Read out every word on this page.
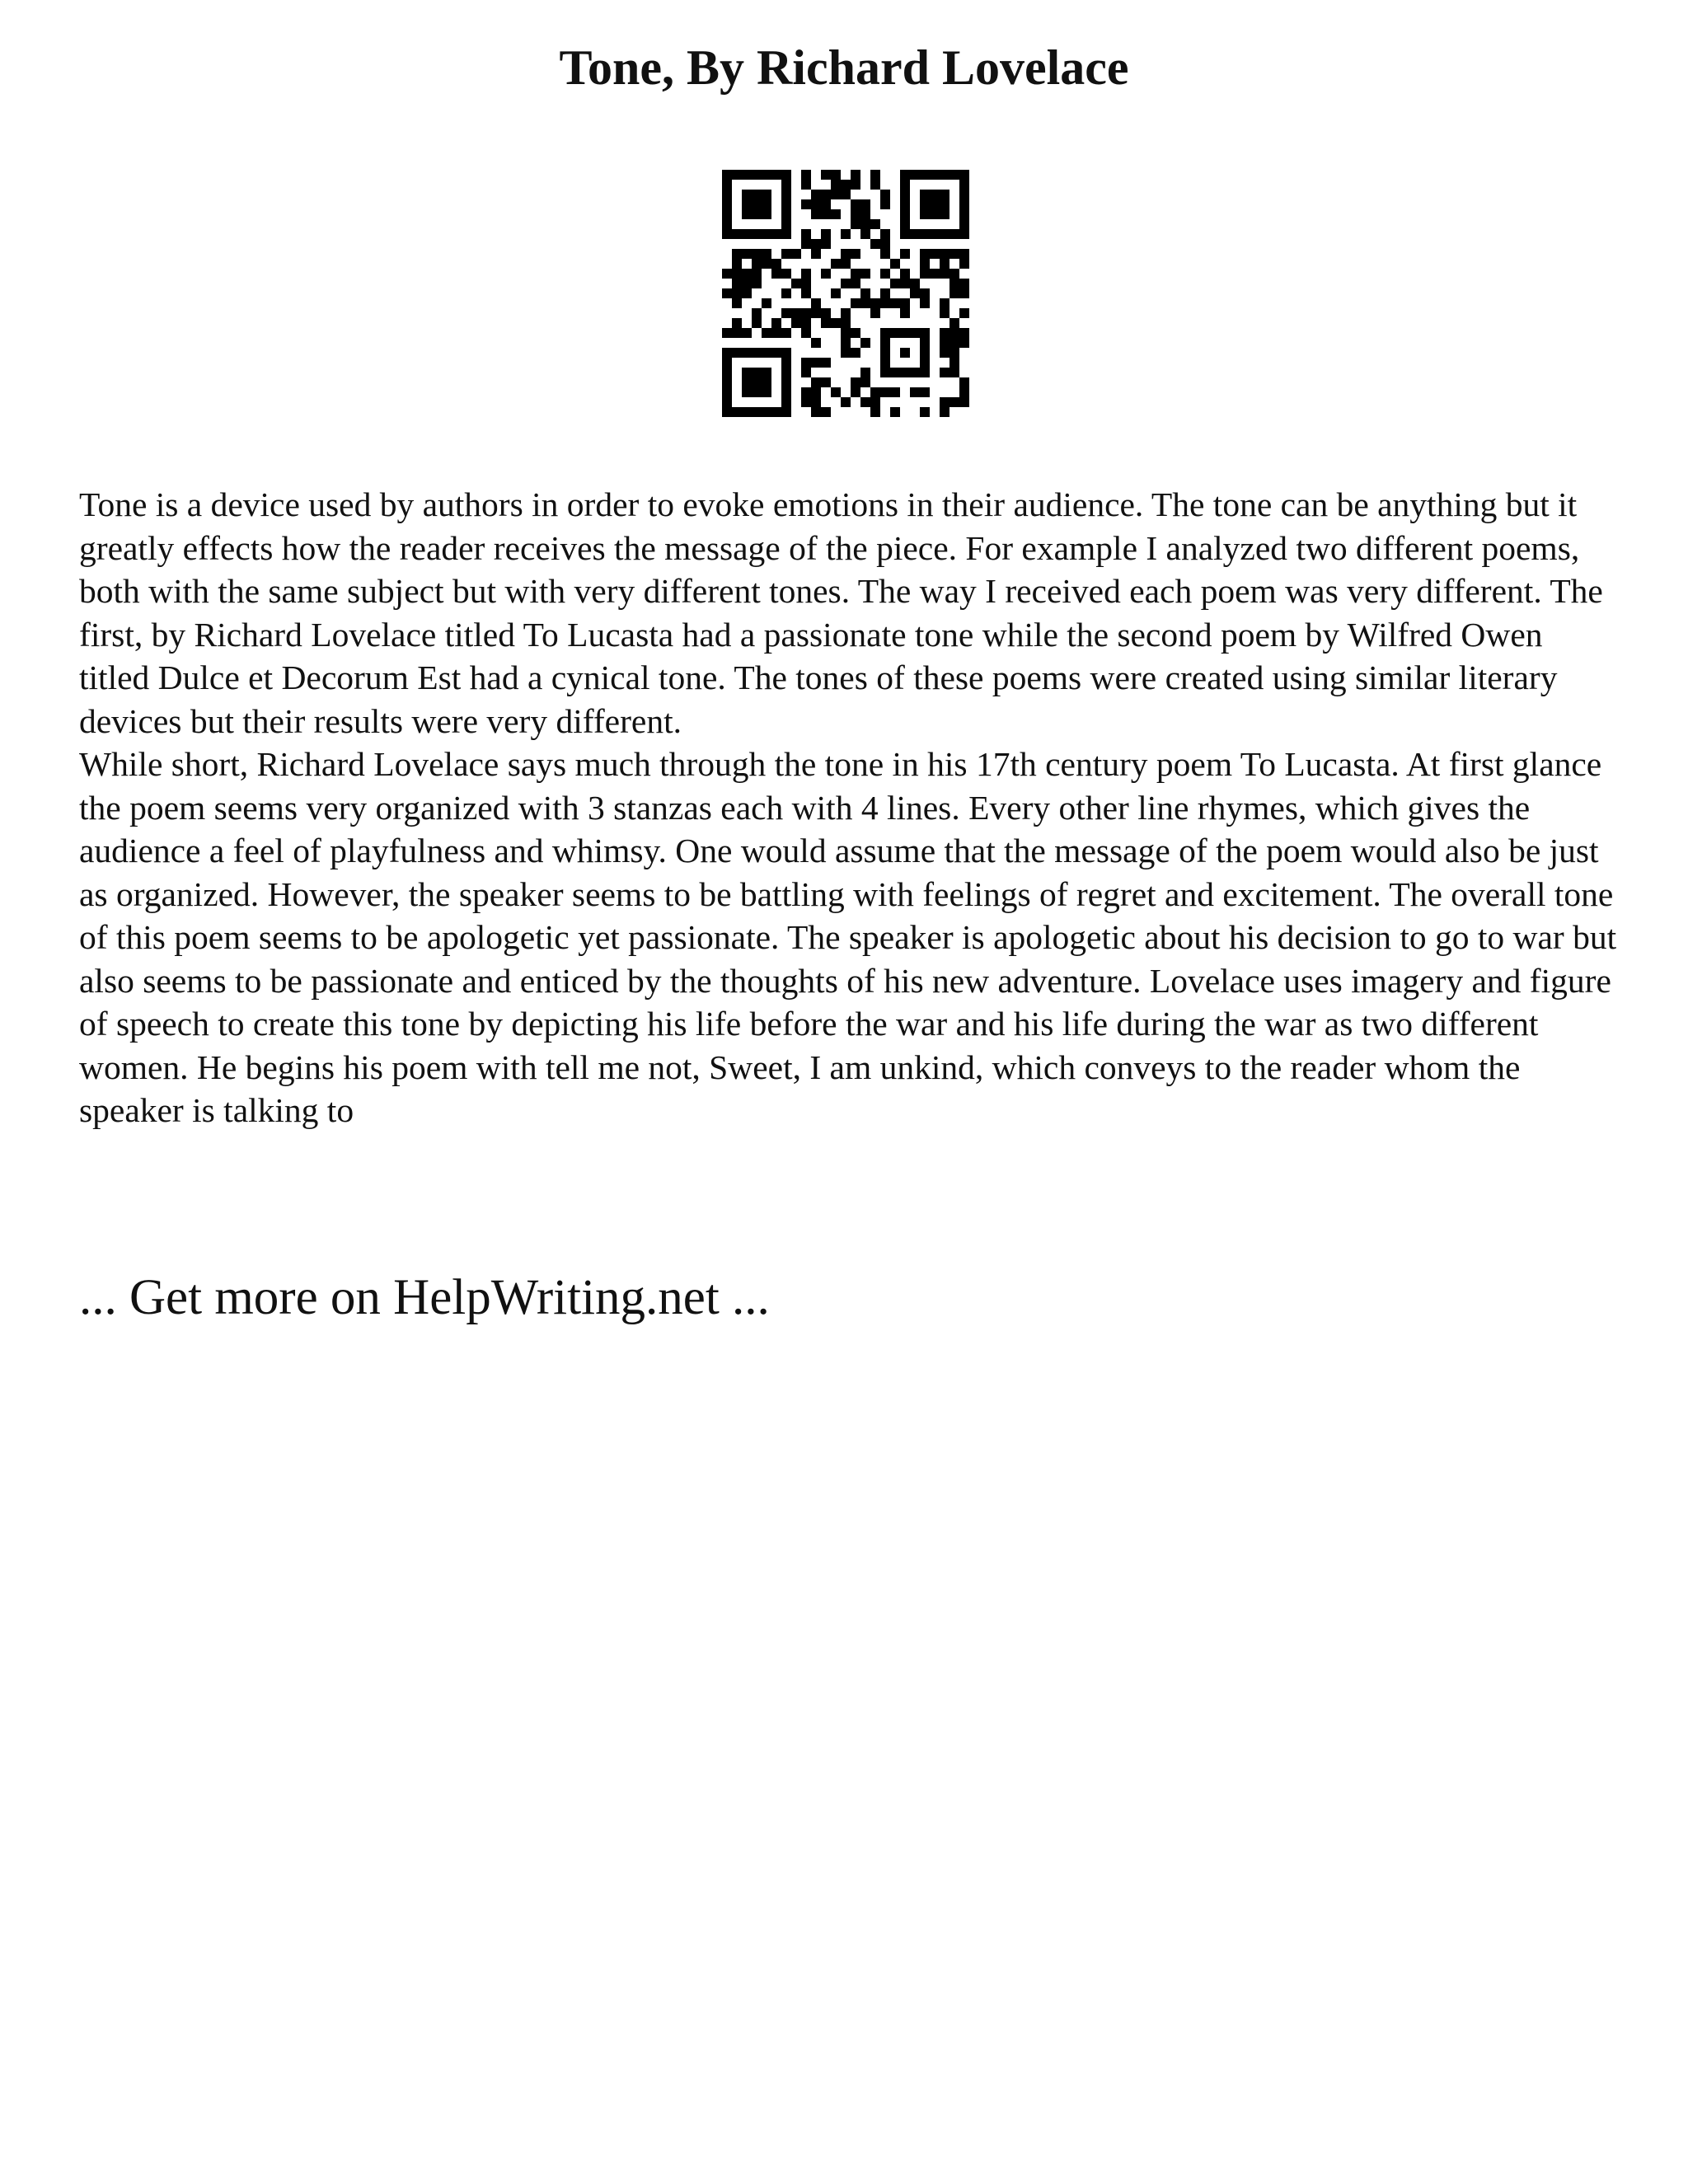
Tone, By Richard Lovelace

Tone is a device used by authors in order to evoke emotions in their audience. The tone can be anything but it greatly effects how the reader receives the message of the piece. For example I analyzed two different poems, both with the same subject but with very different tones. The way I received each poem was very different. The first, by Richard Lovelace titled To Lucasta had a passionate tone while the second poem by Wilfred Owen titled Dulce et Decorum Est had a cynical tone. The tones of these poems were created using similar literary devices but their results were very different.

While short, Richard Lovelace says much through the tone in his 17th century poem To Lucasta. At first glance the poem seems very organized with 3 stanzas each with 4 lines. Every other line rhymes, which gives the audience a feel of playfulness and whimsy. One would assume that the message of the poem would also be just as organized. However, the speaker seems to be battling with feelings of regret and excitement. The overall tone of this poem seems to be apologetic yet passionate. The speaker is apologetic about his decision to go to war but also seems to be passionate and enticed by the thoughts of his new adventure. Lovelace uses imagery and figure of speech to create this tone by depicting his life before the war and his life during the war as two different women. He begins his poem with tell me not, Sweet, I am unkind, which conveys to the reader whom the speaker is talking to

... Get more on HelpWriting.net ...
